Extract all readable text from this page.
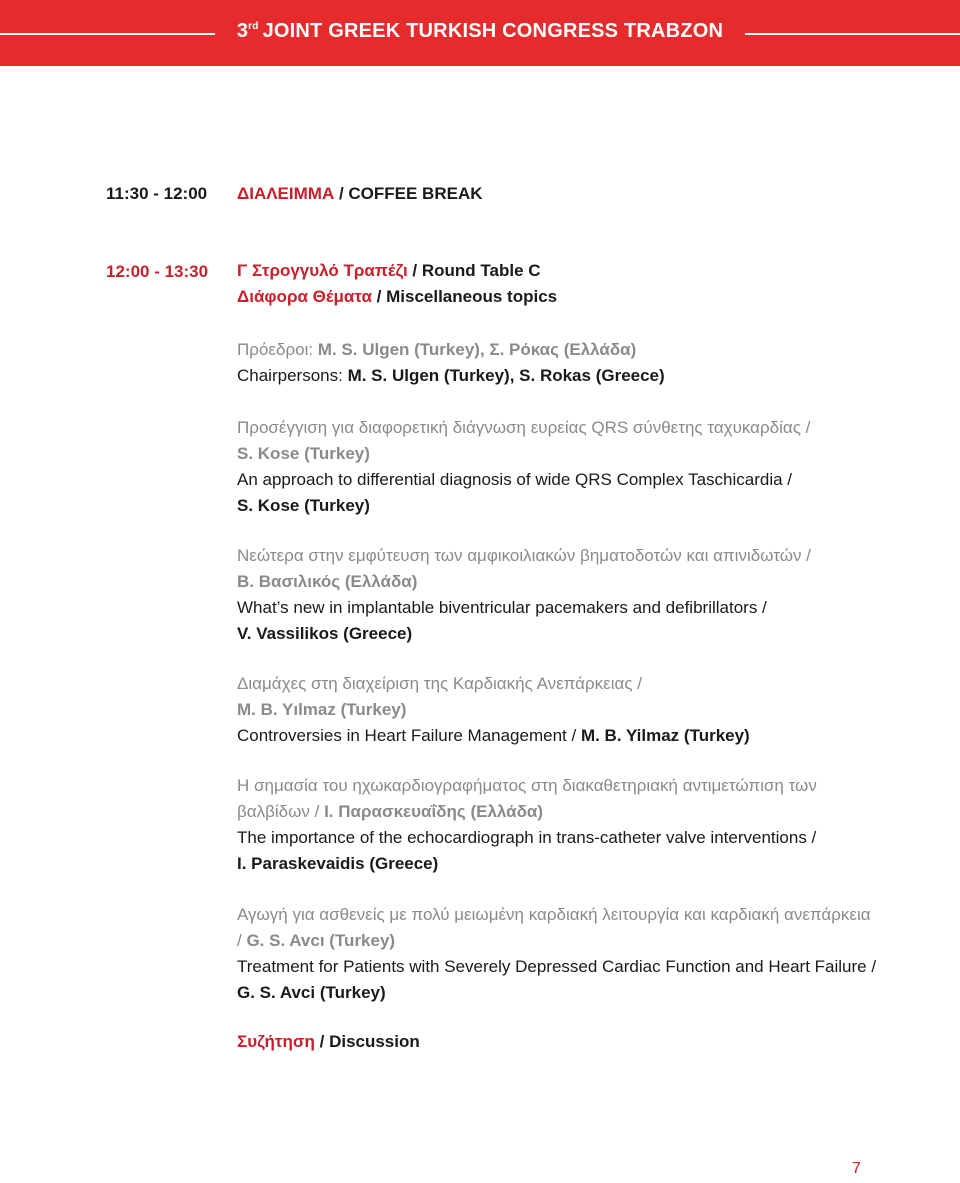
3rd JOINT GREEK TURKISH CONGRESS TRABZON
11:30 - 12:00 ΔΙΑΛΕΙΜΜΑ / COFFEE BREAK
12:00 - 13:30 Γ Στρογγυλό Τραπέζι / Round Table C

Διάφορα Θέματα / Miscellaneous topics

Πρόεδροι: M. S. Ulgen (Turkey), Σ. Ρόκας (Ελλάδα)

Chairpersons: M. S. Ulgen (Turkey), S. Rokas (Greece)

Προσέγγιση για διαφορετική διάγνωση ευρείας QRS σύνθετης ταχυκαρδίας /

S. Kose (Turkey)

An approach to differential diagnosis of wide QRS Complex Taschicardia /

S. Kose (Turkey)

Νεώτερα στην εμφύτευση των αμφικοιλιακών βηματοδοτών και απινιδωτών /

Β. Βασιλικός (Ελλάδα)

What’s new in implantable biventricular pacemakers and defibrillators /

V. Vassilikos (Greece)

Διαμάχες στη διαχείριση της Καρδιακής Ανεπάρκειας /

M. B. Yılmaz (Turkey)

Controversies in Heart Failure Management / M. B. Yilmaz (Turkey)

Η σημασία του ηχωκαρδιογραφήματος στη διακαθετηριακή αντιμετώπιση των βαλβίδων / Ι. Παρασκευαΐδης (Ελλάδα)

The importance of the echocardiograph in trans-catheter valve interventions /

I. Paraskevaidis (Greece)

Αγωγή για ασθενείς με πολύ μειωμένη καρδιακή λειτουργία και καρδιακή ανεπάρκεια / G. S. Avcı (Turkey)

Treatment for Patients with Severely Depressed Cardiac Function and Heart Failure / G. S. Avci (Turkey)

Συζήτηση / Discussion
7
